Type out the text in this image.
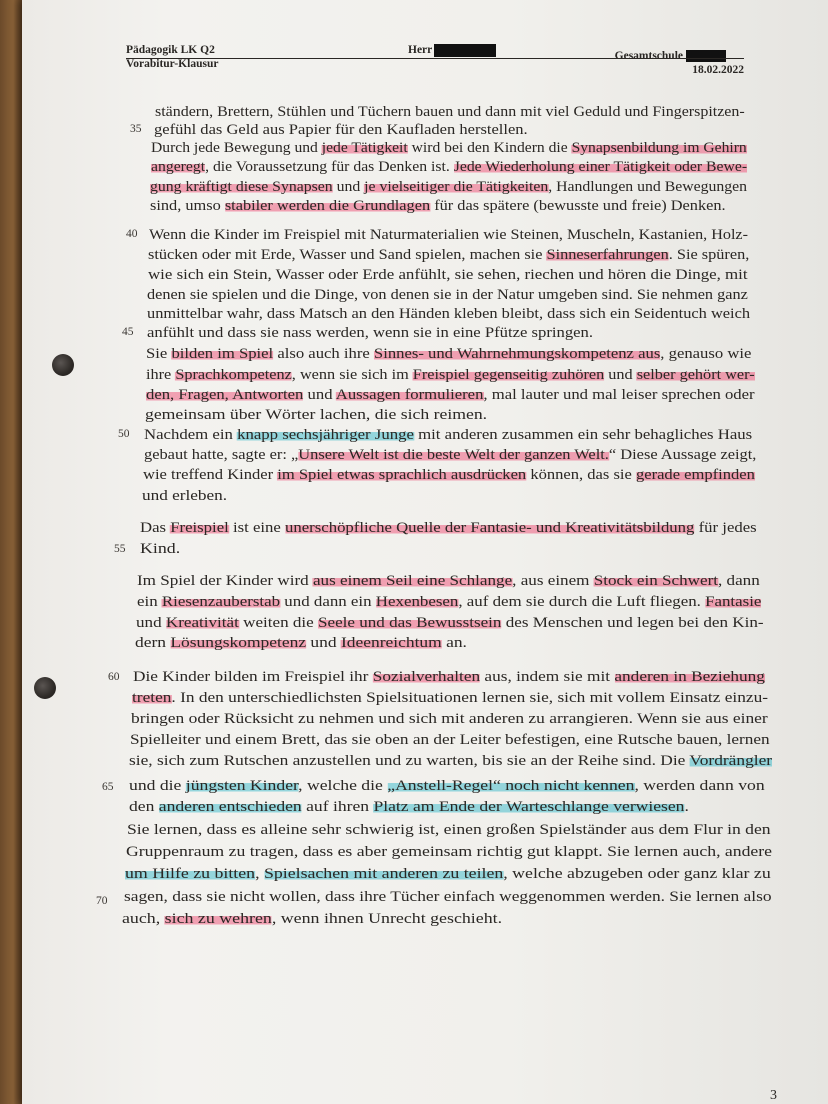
Pädagogik LK Q2
Vorabitur-Klausur
Herr	Gesamtschule
18.02.2022
35
40
45
50
55
60
65
70
ständern, Brettern, Stühlen und Tüchern bauen und dann mit viel Geduld und Fingerspitzen-
gefühl das Geld aus Papier für den Kaufladen herstellen.
Durch jede Bewegung und jede Tätigkeit wird bei den Kindern die Synapsenbildung im Gehirn
angeregt, die Voraussetzung für das Denken ist. Jede Wiederholung einer Tätigkeit oder Bewe-
gung kräftigt diese Synapsen und je vielseitiger die Tätigkeiten, Handlungen und Bewegungen
sind, umso stabiler werden die Grundlagen für das spätere (bewusste und freie) Denken.
Wenn die Kinder im Freispiel mit Naturmaterialien wie Steinen, Muscheln, Kastanien, Holz-
stücken oder mit Erde, Wasser und Sand spielen, machen sie Sinneserfahrungen. Sie spüren,
wie sich ein Stein, Wasser oder Erde anfühlt, sie sehen, riechen und hören die Dinge, mit
denen sie spielen und die Dinge, von denen sie in der Natur umgeben sind. Sie nehmen ganz
unmittelbar wahr, dass Matsch an den Händen kleben bleibt, dass sich ein Seidentuch weich
anfühlt und dass sie nass werden, wenn sie in eine Pfütze springen.
Sie bilden im Spiel also auch ihre Sinnes- und Wahrnehmungskompetenz aus, genauso wie
ihre Sprachkompetenz, wenn sie sich im Freispiel gegenseitig zuhören und selber gehört wer-
den, Fragen, Antworten und Aussagen formulieren, mal lauter und mal leiser sprechen oder
gemeinsam über Wörter lachen, die sich reimen.
Nachdem ein knapp sechsjähriger Junge mit anderen zusammen ein sehr behagliches Haus
gebaut hatte, sagte er: „Unsere Welt ist die beste Welt der ganzen Welt.“ Diese Aussage zeigt,
wie treffend Kinder im Spiel etwas sprachlich ausdrücken können, das sie gerade empfinden
und erleben.
Das Freispiel ist eine unerschöpfliche Quelle der Fantasie- und Kreativitätsbildung für jedes
Kind.
Im Spiel der Kinder wird aus einem Seil eine Schlange, aus einem Stock ein Schwert, dann
ein Riesenzauberstab und dann ein Hexenbesen, auf dem sie durch die Luft fliegen. Fantasie
und Kreativität weiten die Seele und das Bewusstsein des Menschen und legen bei den Kin-
dern Lösungskompetenz und Ideenreichtum an.
Die Kinder bilden im Freispiel ihr Sozialverhalten aus, indem sie mit anderen in Beziehung
treten. In den unterschiedlichsten Spielsituationen lernen sie, sich mit vollem Einsatz einzu-
bringen oder Rücksicht zu nehmen und sich mit anderen zu arrangieren. Wenn sie aus einer
Spielleiter und einem Brett, das sie oben an der Leiter befestigen, eine Rutsche bauen, lernen
sie, sich zum Rutschen anzustellen und zu warten, bis sie an der Reihe sind. Die Vordrängler
und die jüngsten Kinder, welche die „Anstell-Regel“ noch nicht kennen, werden dann von
den anderen entschieden auf ihren Platz am Ende der Warteschlange verwiesen.
Sie lernen, dass es alleine sehr schwierig ist, einen großen Spielständer aus dem Flur in den
Gruppenraum zu tragen, dass es aber gemeinsam richtig gut klappt. Sie lernen auch, andere
um Hilfe zu bitten, Spielsachen mit anderen zu teilen, welche abzugeben oder ganz klar zu
sagen, dass sie nicht wollen, dass ihre Tücher einfach weggenommen werden. Sie lernen also
auch, sich zu wehren, wenn ihnen Unrecht geschieht.
3
